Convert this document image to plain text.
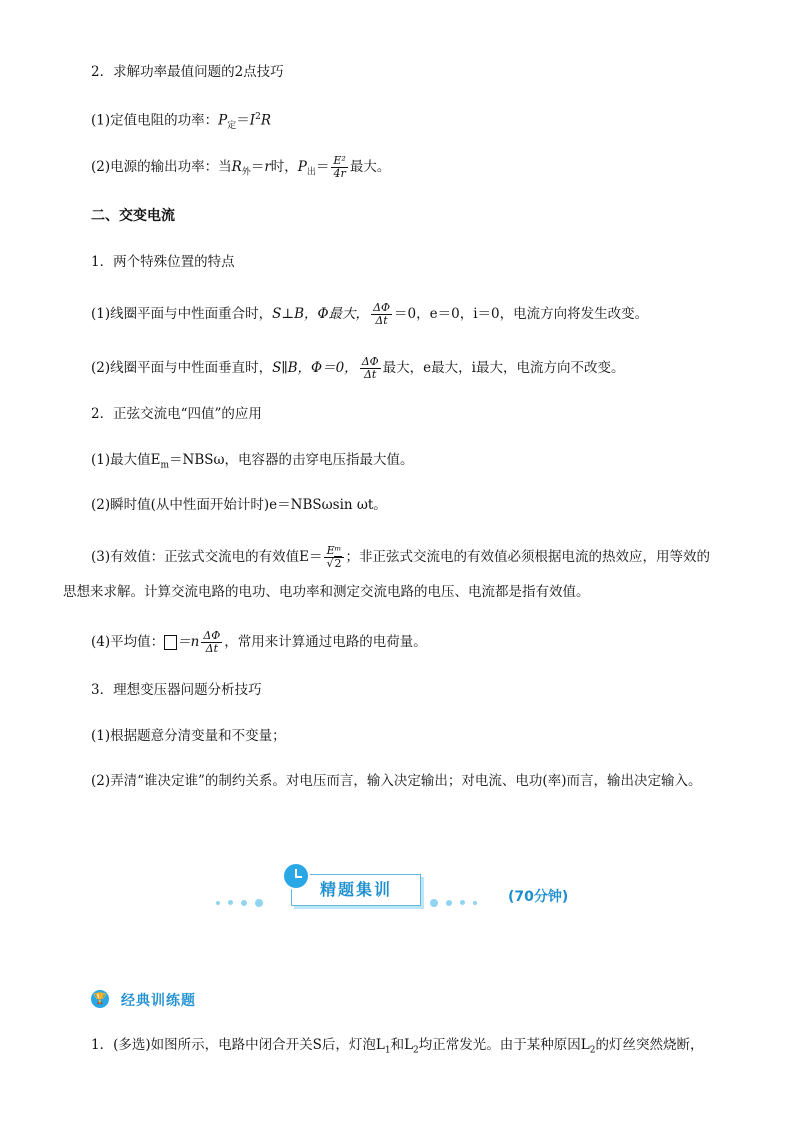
2．求解功率最值问题的2点技巧
(1)定值电阻的功率：$P_定=I^2R$
(2)电源的输出功率：当$R_外=r$时，$P_出= \frac{\text{E²}}{4r}$ 最大。
二、交变电流
1．两个特殊位置的特点
(1)线圈平面与中性面重合时，S⊥B，Φ最大， $\frac{\Delta\Phi}{\Delta t} =0$，e＝0，i＝0，电流方向将发生改变。
(2)线圈平面与中性面垂直时，S∥B，Φ＝0， $\frac{\Delta\Phi}{\Delta t}$ 最大，e最大，i最大，电流方向不改变。
2．正弦交流电“四值”的应用
(1)最大值$E_m=NBS\omega$，电容器的击穿电压指最大值。
(2)瞬时值(从中性面开始计时)e＝NBSωsin ωt。
(3)有效值：正弦式交流电的有效值$E= \frac{\text{Eᵐ}}{√2}$ ；非正弦式交流电的有效值必须根据电流的热效应，用等效的
思想来求解。计算交流电路的电功、电功率和测定交流电路的电压、电流都是指有效值。
(4)平均值： $=n \frac{\Delta\Phi}{\Delta t}$ ，常用来计算通过电路的电荷量。
3．理想变压器问题分析技巧
(1)根据题意分清变量和不变量；
(2)弄清“谁决定谁”的制约关系。对电压而言，输入决定输出；对电流、电功(率)而言，输出决定输入。
精题集训	(70分钟)
🏆 经典训练题
1．(多选)如图所示，电路中闭合开关S后，灯泡$L_1$和$L_2$均正常发光。由于某种原因$L_2$的灯丝突然烧断，
